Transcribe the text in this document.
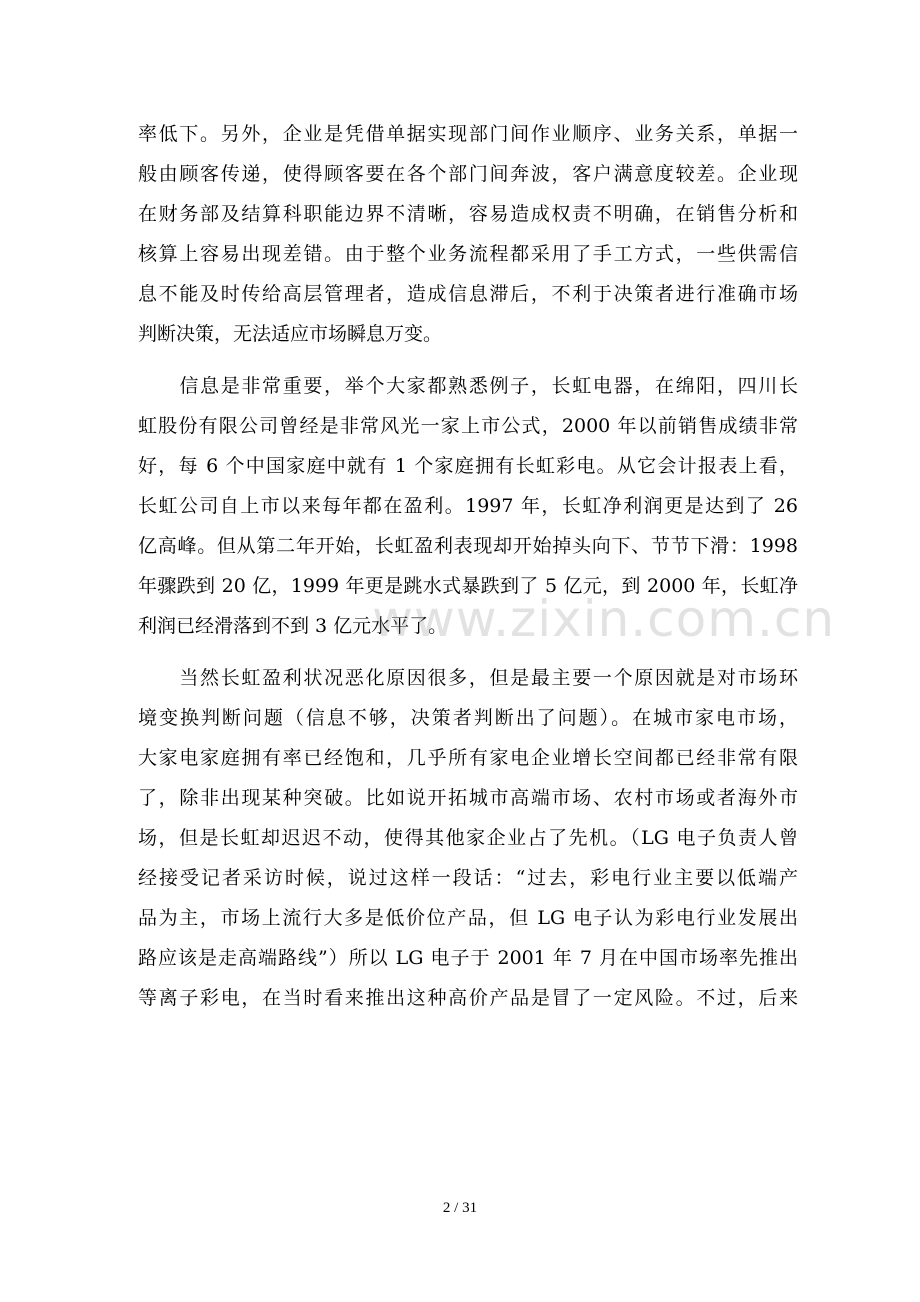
率低下。另外，企业是凭借单据实现部门间作业顺序、业务关系，单据一
般由顾客传递，使得顾客要在各个部门间奔波，客户满意度较差。企业现
在财务部及结算科职能边界不清晰，容易造成权责不明确，在销售分析和
核算上容易出现差错。由于整个业务流程都采用了手工方式，一些供需信
息不能及时传给高层管理者，造成信息滞后，不利于决策者进行准确市场
判断决策，无法适应市场瞬息万变。
　　信息是非常重要，举个大家都熟悉例子，长虹电器，在绵阳，四川长
虹股份有限公司曾经是非常风光一家上市公式，2000 年以前销售成绩非常
好，每 6 个中国家庭中就有 1 个家庭拥有长虹彩电。从它会计报表上看，
长虹公司自上市以来每年都在盈利。1997 年，长虹净利润更是达到了 26
亿高峰。但从第二年开始，长虹盈利表现却开始掉头向下、节节下滑：1998
年骤跌到 20 亿，1999 年更是跳水式暴跌到了 5 亿元，到 2000 年，长虹净
利润已经滑落到不到 3 亿元水平了。
　　当然长虹盈利状况恶化原因很多，但是最主要一个原因就是对市场环
境变换判断问题（信息不够，决策者判断出了问题）。在城市家电市场，
大家电家庭拥有率已经饱和，几乎所有家电企业增长空间都已经非常有限
了，除非出现某种突破。比如说开拓城市高端市场、农村市场或者海外市
场，但是长虹却迟迟不动，使得其他家企业占了先机。（LG 电子负责人曾
经接受记者采访时候，说过这样一段话：“过去，彩电行业主要以低端产
品为主，市场上流行大多是低价位产品，但 LG 电子认为彩电行业发展出
路应该是走高端路线”）所以 LG 电子于 2001 年 7 月在中国市场率先推出
等离子彩电，在当时看来推出这种高价产品是冒了一定风险。不过，后来
www.zixin.com.cn
2 / 31
